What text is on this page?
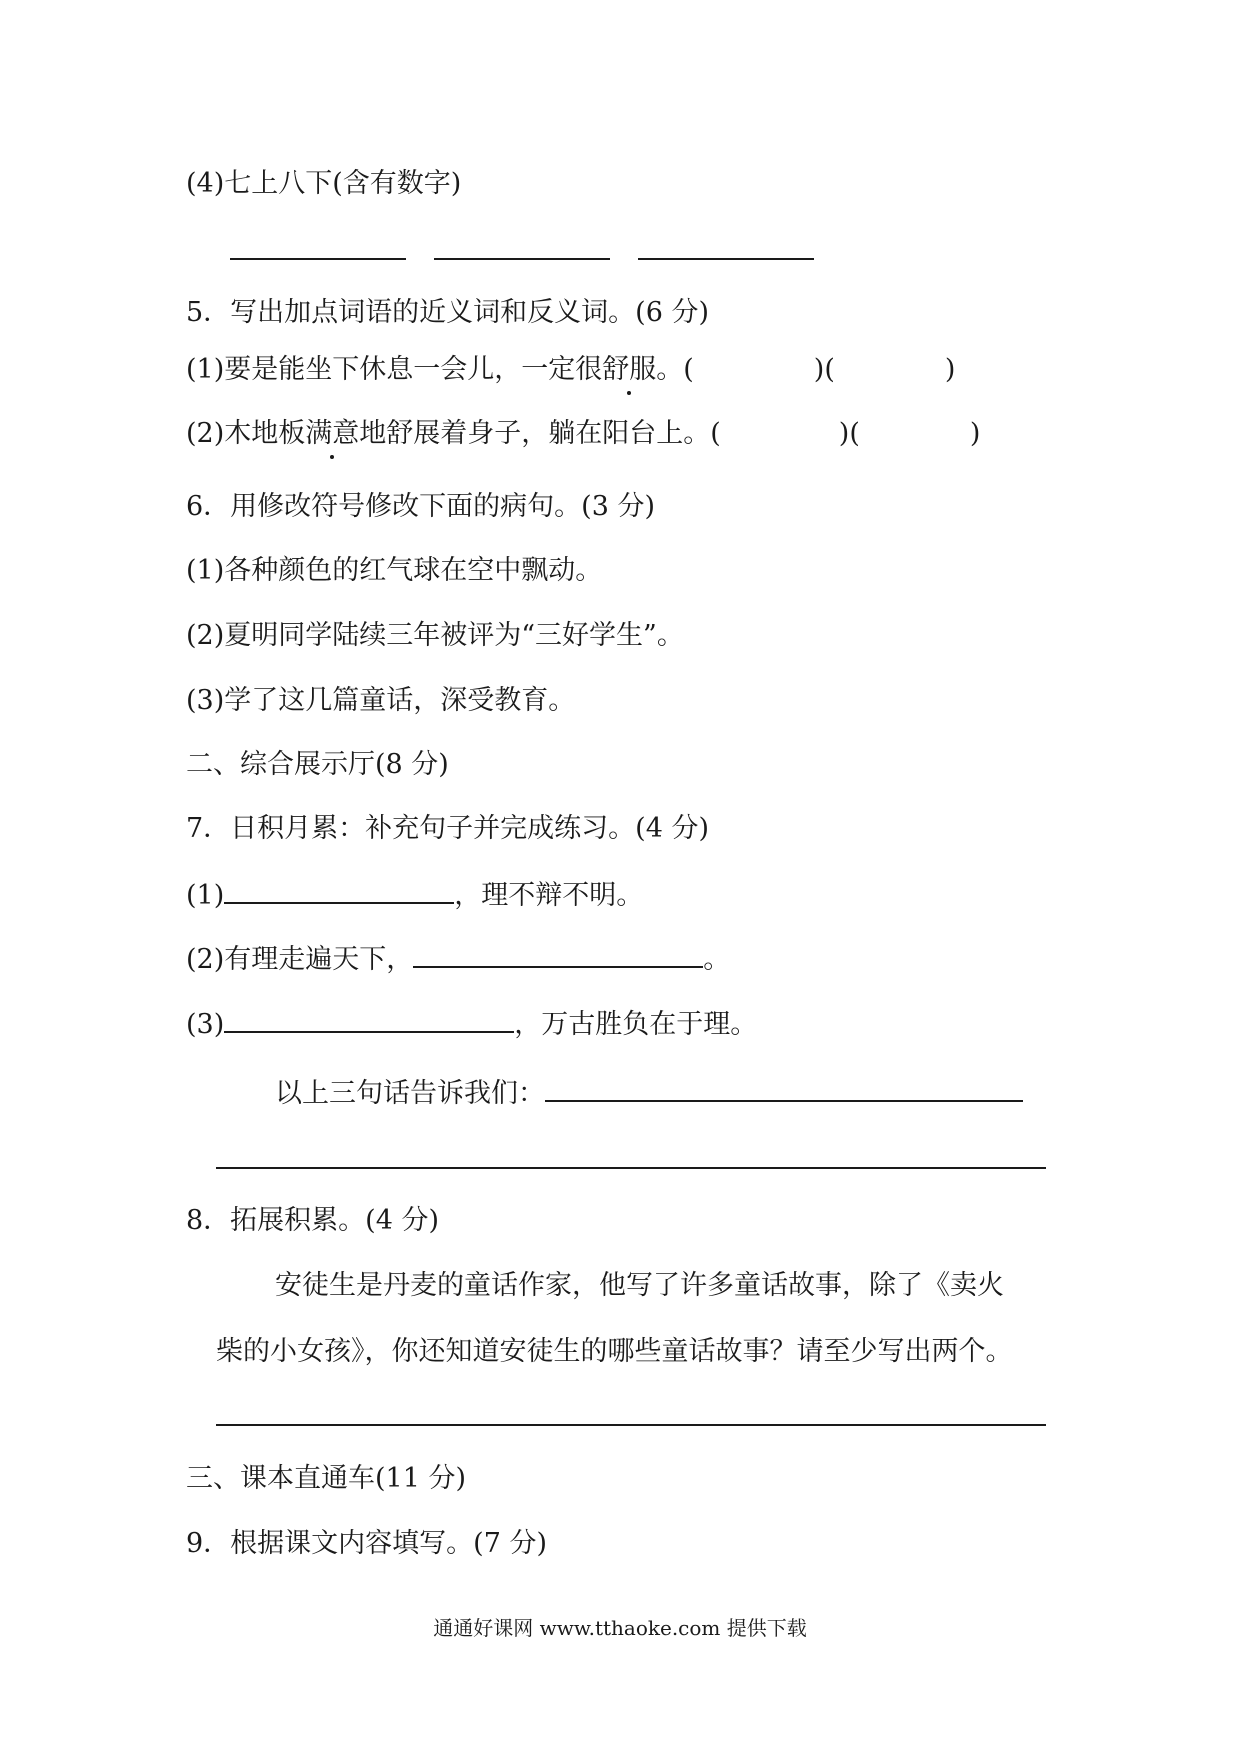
(4)七上八下(含有数字)
5．写出加点词语的近义词和反义词。(6 分)
(1)要是能坐下休息一会儿，一定很舒服。(	)(	)
(2)木地板满意地舒展着身子，躺在阳台上。(	)(	)
6．用修改符号修改下面的病句。(3 分)
(1)各种颜色的红气球在空中飘动。
(2)夏明同学陆续三年被评为“三好学生”。
(3)学了这几篇童话，深受教育。
二、综合展示厅(8 分)
7．日积月累：补充句子并完成练习。(4 分)
(1)	，理不辩不明。
(2)有理走遍天下，	。
(3)	，万古胜负在于理。
以上三句话告诉我们：
8．拓展积累。(4 分)
安徒生是丹麦的童话作家，他写了许多童话故事，除了《卖火
柴的小女孩》，你还知道安徒生的哪些童话故事？请至少写出两个。
三、课本直通车(11 分)
9．根据课文内容填写。(7 分)
通通好课网 www.tthaoke.com 提供下载
